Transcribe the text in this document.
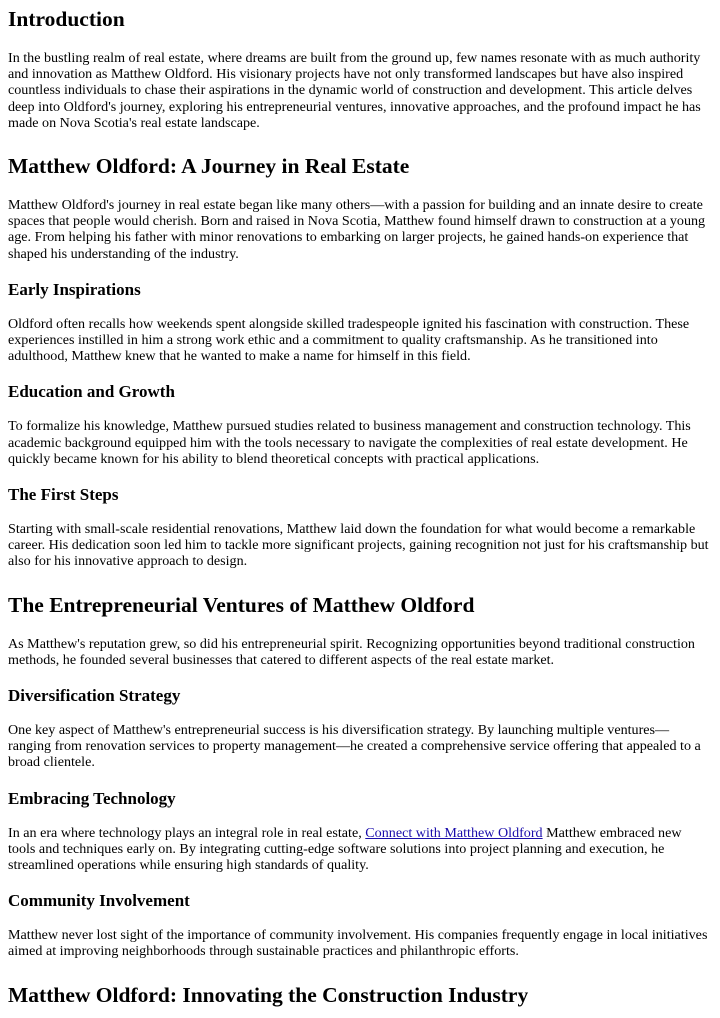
Introduction

In the bustling realm of real estate, where dreams are built from the ground up, few names resonate with as much authority and innovation as Matthew Oldford. His visionary projects have not only transformed landscapes but have also inspired countless individuals to chase their aspirations in the dynamic world of construction and development. This article delves deep into Oldford's journey, exploring his entrepreneurial ventures, innovative approaches, and the profound impact he has made on Nova Scotia's real estate landscape.

Matthew Oldford: A Journey in Real Estate

Matthew Oldford's journey in real estate began like many others—with a passion for building and an innate desire to create spaces that people would cherish. Born and raised in Nova Scotia, Matthew found himself drawn to construction at a young age. From helping his father with minor renovations to embarking on larger projects, he gained hands-on experience that shaped his understanding of the industry.

Early Inspirations

Oldford often recalls how weekends spent alongside skilled tradespeople ignited his fascination with construction. These experiences instilled in him a strong work ethic and a commitment to quality craftsmanship. As he transitioned into adulthood, Matthew knew that he wanted to make a name for himself in this field.

Education and Growth

To formalize his knowledge, Matthew pursued studies related to business management and construction technology. This academic background equipped him with the tools necessary to navigate the complexities of real estate development. He quickly became known for his ability to blend theoretical concepts with practical applications.

The First Steps

Starting with small-scale residential renovations, Matthew laid down the foundation for what would become a remarkable career. His dedication soon led him to tackle more significant projects, gaining recognition not just for his craftsmanship but also for his innovative approach to design.

The Entrepreneurial Ventures of Matthew Oldford

As Matthew's reputation grew, so did his entrepreneurial spirit. Recognizing opportunities beyond traditional construction methods, he founded several businesses that catered to different aspects of the real estate market.

Diversification Strategy

One key aspect of Matthew's entrepreneurial success is his diversification strategy. By launching multiple ventures—ranging from renovation services to property management—he created a comprehensive service offering that appealed to a broad clientele.

Embracing Technology

In an era where technology plays an integral role in real estate, Connect with Matthew Oldford Matthew embraced new tools and techniques early on. By integrating cutting-edge software solutions into project planning and execution, he streamlined operations while ensuring high standards of quality.

Community Involvement

Matthew never lost sight of the importance of community involvement. His companies frequently engage in local initiatives aimed at improving neighborhoods through sustainable practices and philanthropic efforts.

Matthew Oldford: Innovating the Construction Industry
